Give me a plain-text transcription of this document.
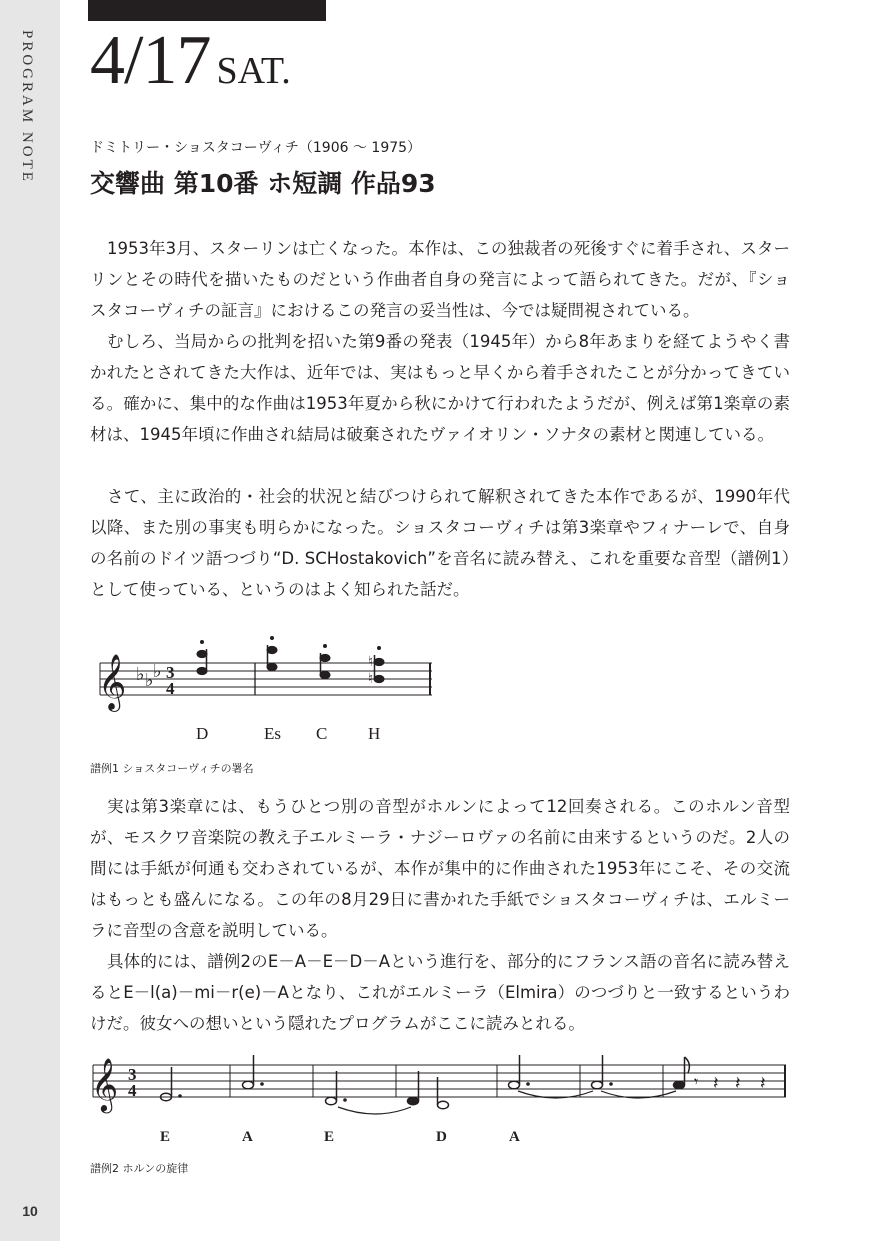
PROGRAM NOTE
10
4/17 SAT.
ドミトリー・ショスタコーヴィチ（1906 ～ 1975）
交響曲 第10番 ホ短調 作品93

1953年3月、スターリンは亡くなった。本作は、この独裁者の死後すぐに着手され、スターリンとその時代を描いたものだという作曲者自身の発言によって語られてきた。だが、『ショスタコーヴィチの証言』におけるこの発言の妥当性は、今では疑問視されている。

むしろ、当局からの批判を招いた第9番の発表（1945年）から8年あまりを経てようやく書かれたとされてきた大作は、近年では、実はもっと早くから着手されたことが分かってきている。確かに、集中的な作曲は1953年夏から秋にかけて行われたようだが、例えば第1楽章の素材は、1945年頃に作曲され結局は破棄されたヴァイオリン・ソナタの素材と関連している。

さて、主に政治的・社会的状況と結びつけられて解釈されてきた本作であるが、1990年代以降、また別の事実も明らかになった。ショスタコーヴィチは第3楽章やフィナーレで、自身の名前のドイツ語つづり“D. SCHostakovich”を音名に読み替え、これを重要な音型（譜例1）として使っている、というのはよく知られた話だ。

𝄞 ♭ ♭ ♭ 3
4	♮
♮
D	Es C H
譜例1 ショスタコーヴィチの署名

実は第3楽章には、もうひとつ別の音型がホルンによって12回奏される。このホルン音型が、モスクワ音楽院の教え子エルミーラ・ナジーロヴァの名前に由来するというのだ。2人の間には手紙が何通も交わされているが、本作が集中的に作曲された1953年にこそ、その交流はもっとも盛んになる。この年の8月29日に書かれた手紙でショスタコーヴィチは、エルミーラに音型の含意を説明している。

具体的には、譜例2のE－A－E－D－Aという進行を、部分的にフランス語の音名に読み替えるとE－l(a)－mi－r(e)－Aとなり、これがエルミーラ（Elmira）のつづりと一致するというわけだ。彼女への想いという隠れたプログラムがここに読みとれる。

𝄞 3
4	𝄾 𝄽 𝄽 𝄽
E	A	E	D	A
譜例2 ホルンの旋律
